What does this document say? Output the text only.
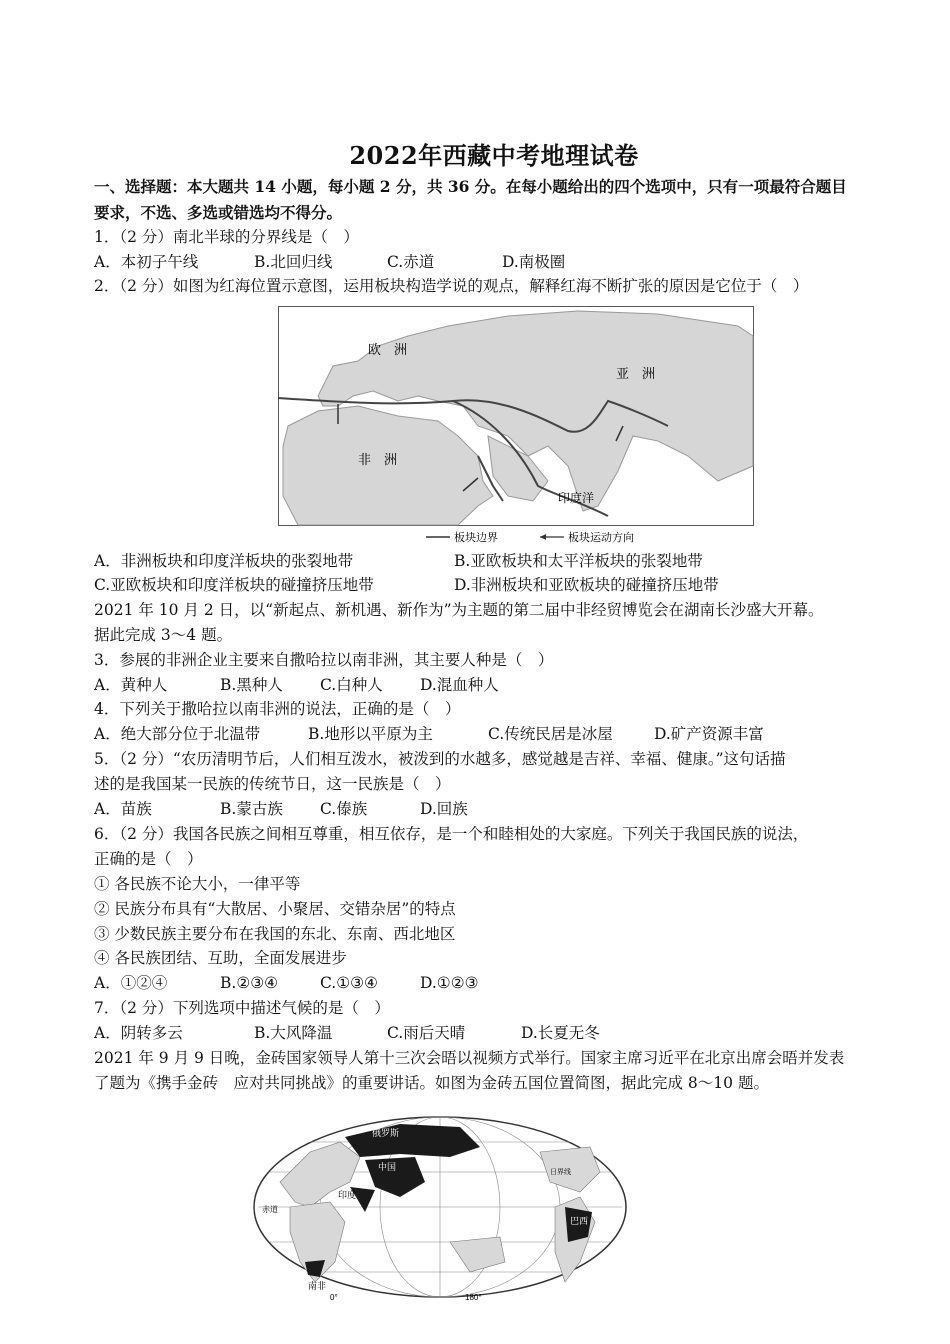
2022年西藏中考地理试卷
一、选择题：本大题共 14 小题，每小题 2 分，共 36 分。在每小题给出的四个选项中，只有一项最符合题目
要求，不选、多选或错选均不得分。
1．（2 分）南北半球的分界线是（　）
A．本初子午线	B.北回归线	C.赤道	D.南极圈
2．（2 分）如图为红海位置示意图，运用板块构造学说的观点，解释红海不断扩张的原因是它位于（　）
欧　洲
亚　洲
非　洲
印度洋
板块边界	板块运动方向
A．非洲板块和印度洋板块的张裂地带	B.亚欧板块和太平洋板块的张裂地带
C.亚欧板块和印度洋板块的碰撞挤压地带	D.非洲板块和亚欧板块的碰撞挤压地带
2021 年 10 月 2 日，以“新起点、新机遇、新作为”为主题的第二届中非经贸博览会在湖南长沙盛大开幕。
据此完成 3～4 题。
3．参展的非洲企业主要来自撒哈拉以南非洲，其主要人种是（　）
A．黄种人	B.黑种人 C.白种人 D.混血种人
4．下列关于撒哈拉以南非洲的说法，正确的是（　）
A．绝大部分位于北温带	B.地形以平原为主	C.传统民居是冰屋	D.矿产资源丰富
5．（2 分）“农历清明节后，人们相互泼水，被泼到的水越多，感觉越是吉祥、幸福、健康。”这句话描
述的是我国某一民族的传统节日，这一民族是（　）
A．苗族	B.蒙古族 C.傣族	D.回族
6．（2 分）我国各民族之间相互尊重，相互依存，是一个和睦相处的大家庭。下列关于我国民族的说法，
正确的是（　）
① 各民族不论大小，一律平等
② 民族分布具有“大散居、小聚居、交错杂居”的特点
③ 少数民族主要分布在我国的东北、东南、西北地区
④ 各民族团结、互助，全面发展进步
A．①②④	B.②③④	C.①③④	D.①②③
7．（2 分）下列选项中描述气候的是（　）
A．阴转多云	B.大风降温	C.雨后天晴	D.长夏无冬
2021 年 9 月 9 日晚，金砖国家领导人第十三次会晤以视频方式举行。国家主席习近平在北京出席会晤并发表
了题为《携手金砖　应对共同挑战》的重要讲话。如图为金砖五国位置简图，据此完成 8～10 题。
俄罗斯
中国
印度
南非
巴西
赤道
日界线
0°	180°
